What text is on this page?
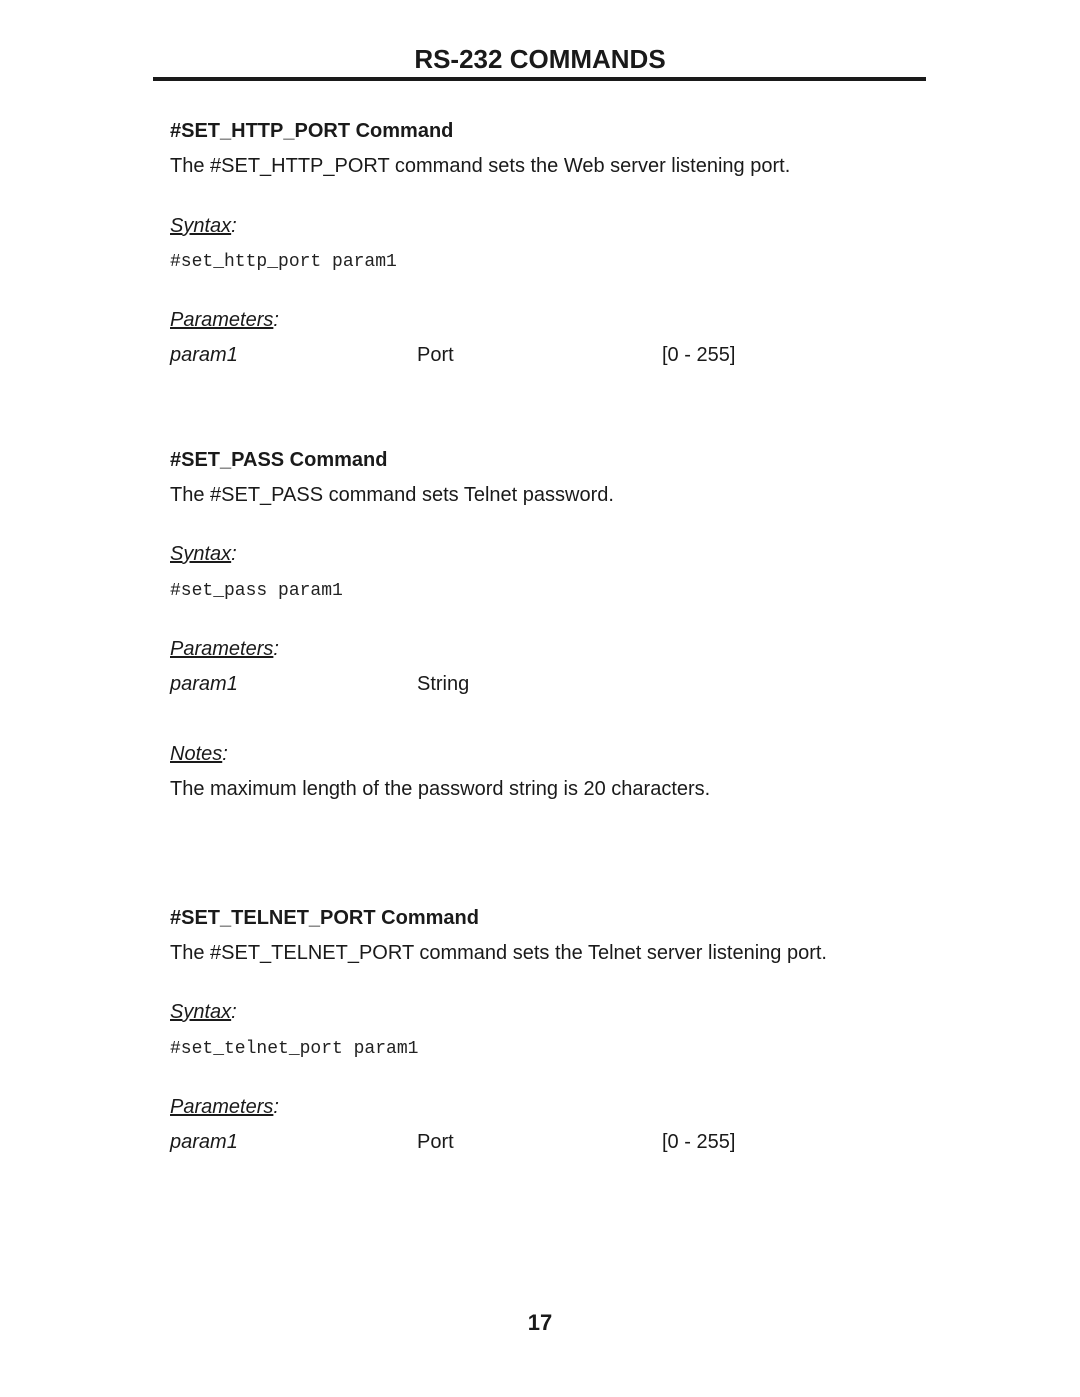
RS-232 COMMANDS
#SET_HTTP_PORT Command
The #SET_HTTP_PORT command sets the Web server listening port.
Syntax:
#set_http_port param1
Parameters:
param1	Port	[0 - 255]
#SET_PASS Command
The #SET_PASS command sets Telnet password.
Syntax:
#set_pass param1
Parameters:
param1	String
Notes:
The maximum length of the password string is 20 characters.
#SET_TELNET_PORT Command
The #SET_TELNET_PORT command sets the Telnet server listening port.
Syntax:
#set_telnet_port param1
Parameters:
param1	Port	[0 - 255]
17
